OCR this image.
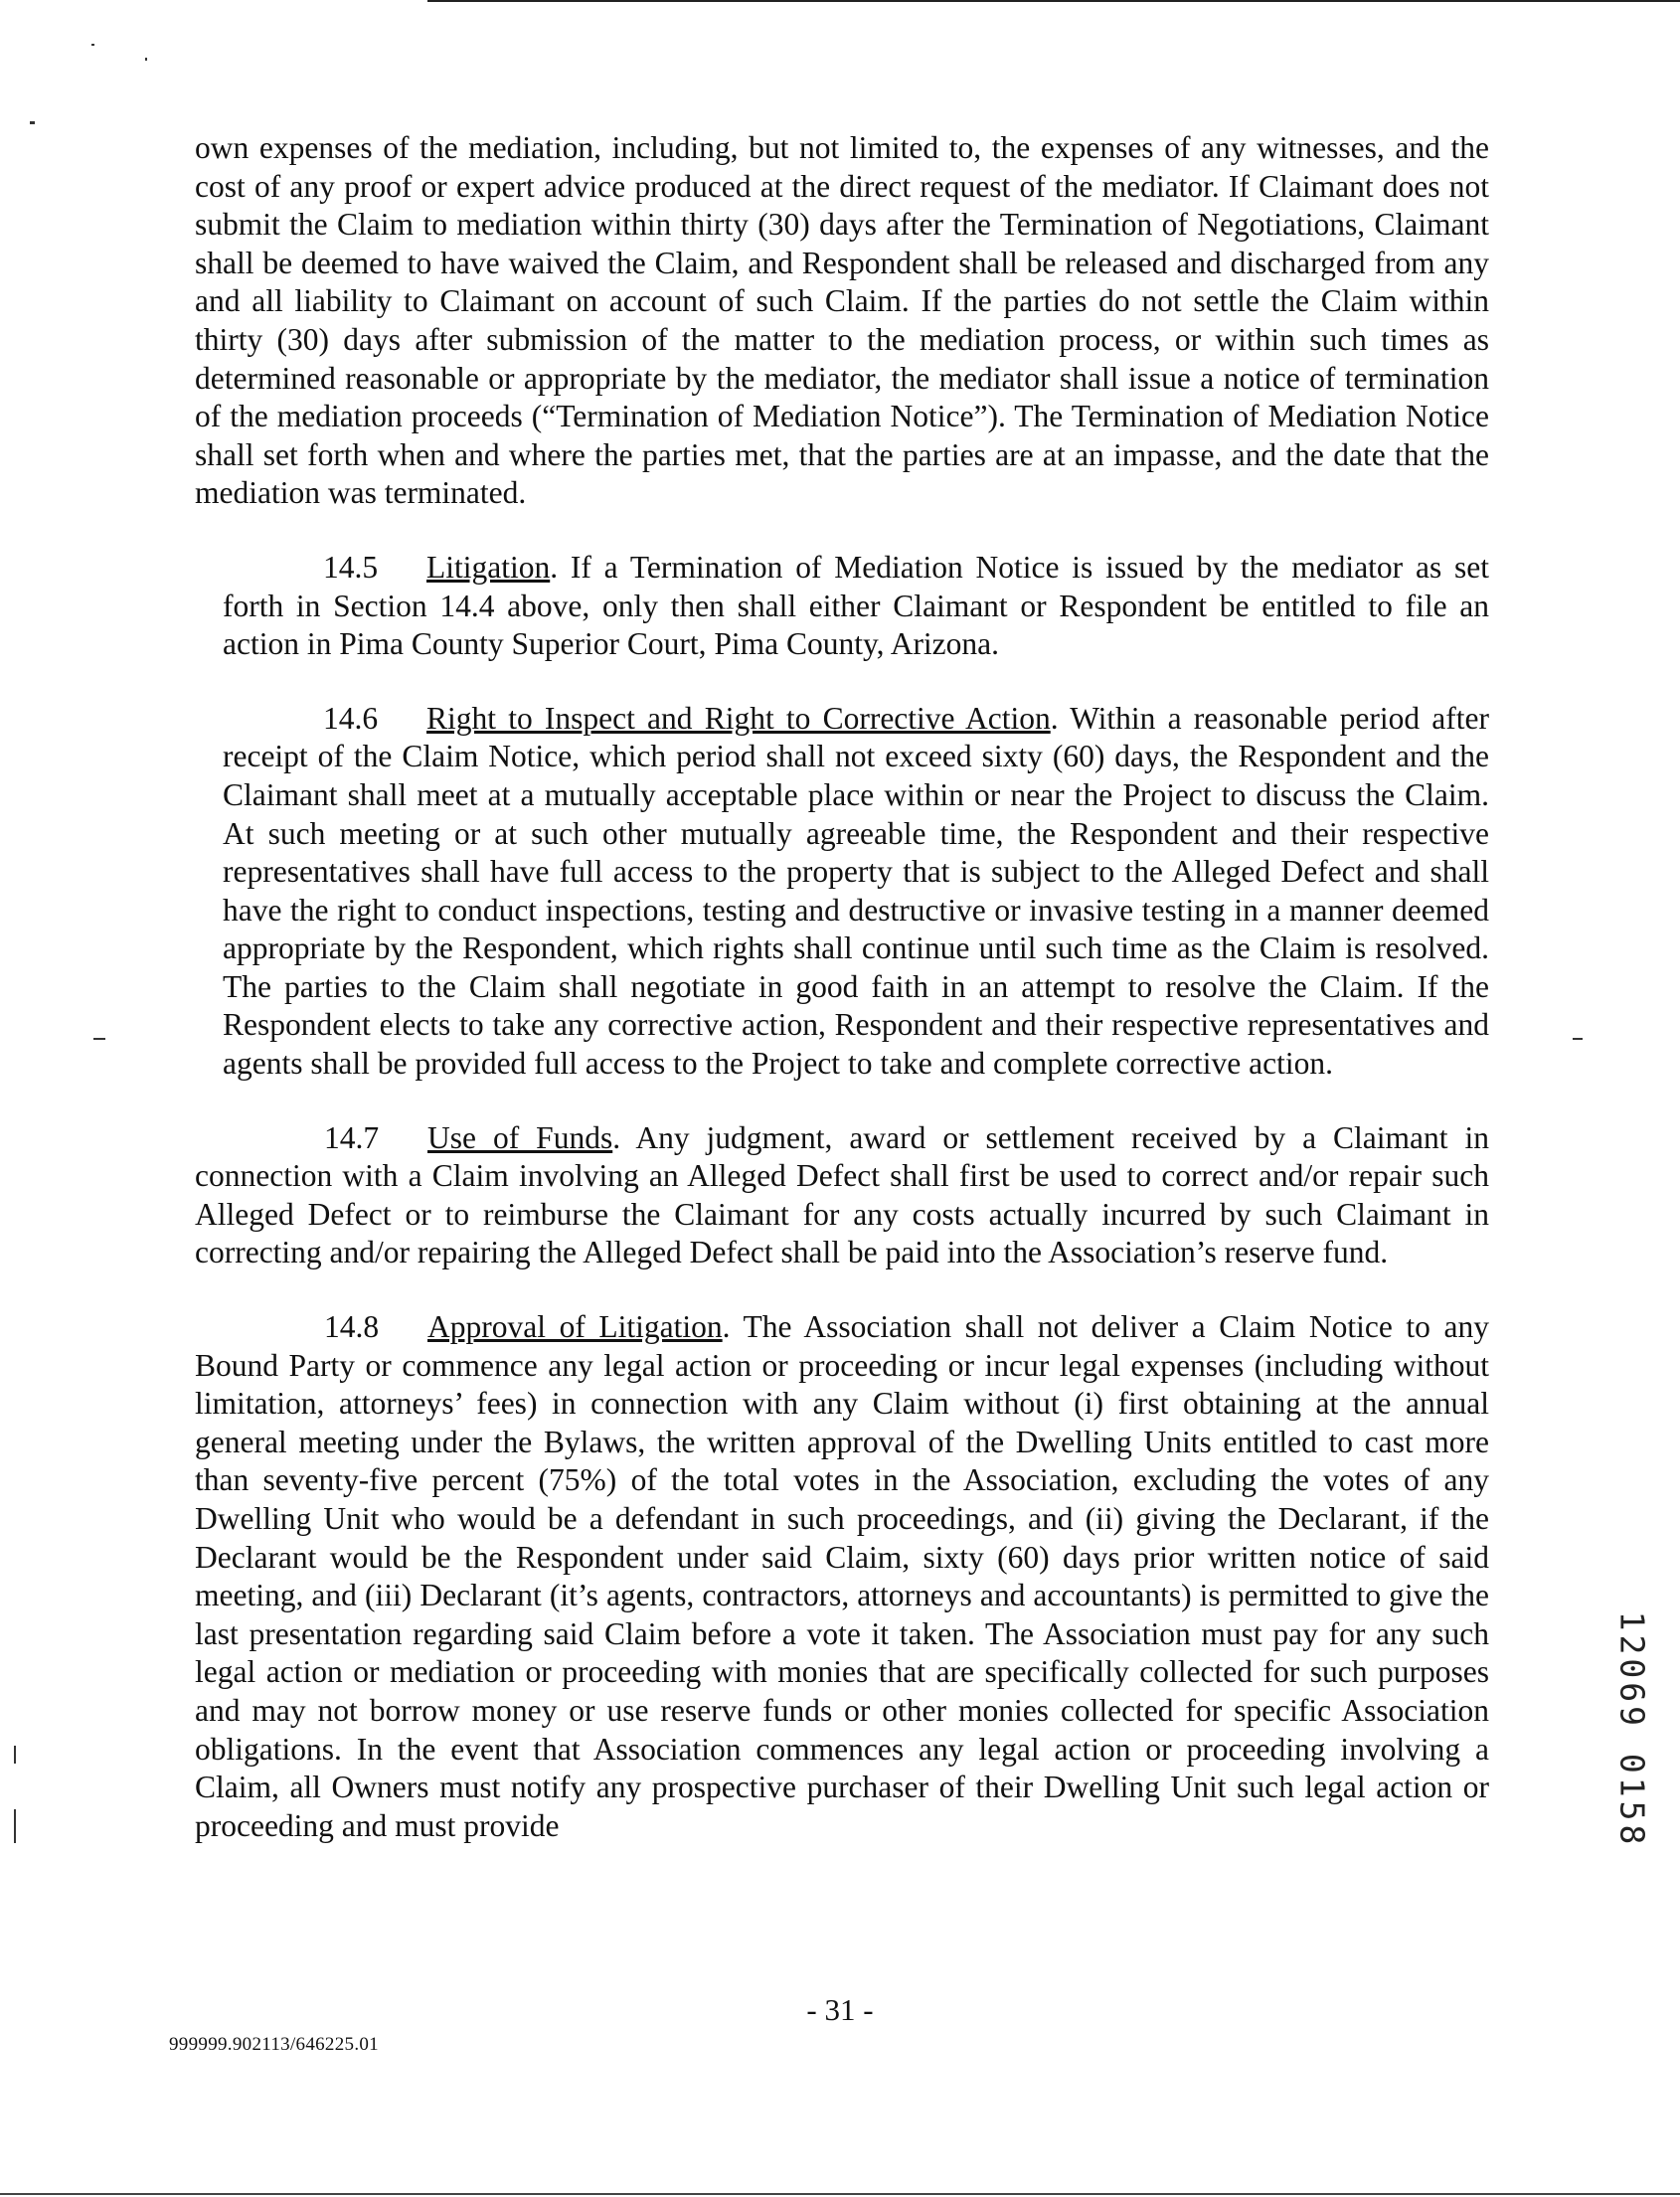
own expenses of the mediation, including, but not limited to, the expenses of any witnesses, and the cost of any proof or expert advice produced at the direct request of the mediator. If Claimant does not submit the Claim to mediation within thirty (30) days after the Termination of Negotiations, Claimant shall be deemed to have waived the Claim, and Respondent shall be released and discharged from any and all liability to Claimant on account of such Claim. If the parties do not settle the Claim within thirty (30) days after submission of the matter to the mediation process, or within such times as determined reasonable or appropriate by the mediator, the mediator shall issue a notice of termination of the mediation proceeds (“Termination of Mediation Notice”). The Termination of Mediation Notice shall set forth when and where the parties met, that the parties are at an impasse, and the date that the mediation was terminated.

14.5 Litigation. If a Termination of Mediation Notice is issued by the mediator as set forth in Section 14.4 above, only then shall either Claimant or Respondent be entitled to file an action in Pima County Superior Court, Pima County, Arizona.

14.6 Right to Inspect and Right to Corrective Action. Within a reasonable period after receipt of the Claim Notice, which period shall not exceed sixty (60) days, the Respondent and the Claimant shall meet at a mutually acceptable place within or near the Project to discuss the Claim. At such meeting or at such other mutually agreeable time, the Respondent and their respective representatives shall have full access to the property that is subject to the Alleged Defect and shall have the right to conduct inspections, testing and destructive or invasive testing in a manner deemed appropriate by the Respondent, which rights shall continue until such time as the Claim is resolved. The parties to the Claim shall negotiate in good faith in an attempt to resolve the Claim. If the Respondent elects to take any corrective action, Respondent and their respective representatives and agents shall be provided full access to the Project to take and complete corrective action.

14.7 Use of Funds. Any judgment, award or settlement received by a Claimant in connection with a Claim involving an Alleged Defect shall first be used to correct and/or repair such Alleged Defect or to reimburse the Claimant for any costs actually incurred by such Claimant in correcting and/or repairing the Alleged Defect shall be paid into the Association’s reserve fund.

14.8 Approval of Litigation. The Association shall not deliver a Claim Notice to any Bound Party or commence any legal action or proceeding or incur legal expenses (including without limitation, attorneys’ fees) in connection with any Claim without (i) first obtaining at the annual general meeting under the Bylaws, the written approval of the Dwelling Units entitled to cast more than seventy-five percent (75%) of the total votes in the Association, excluding the votes of any Dwelling Unit who would be a defendant in such proceedings, and (ii) giving the Declarant, if the Declarant would be the Respondent under said Claim, sixty (60) days prior written notice of said meeting, and (iii) Declarant (it’s agents, contractors, attorneys and accountants) is permitted to give the last presentation regarding said Claim before a vote it taken. The Association must pay for any such legal action or mediation or proceeding with monies that are specifically collected for such purposes and may not borrow money or use reserve funds or other monies collected for specific Association obligations. In the event that Association commences any legal action or proceeding involving a Claim, all Owners must notify any prospective purchaser of their Dwelling Unit such legal action or proceeding and must provide	12069 0158
- 31 -
999999.902113/646225.01
